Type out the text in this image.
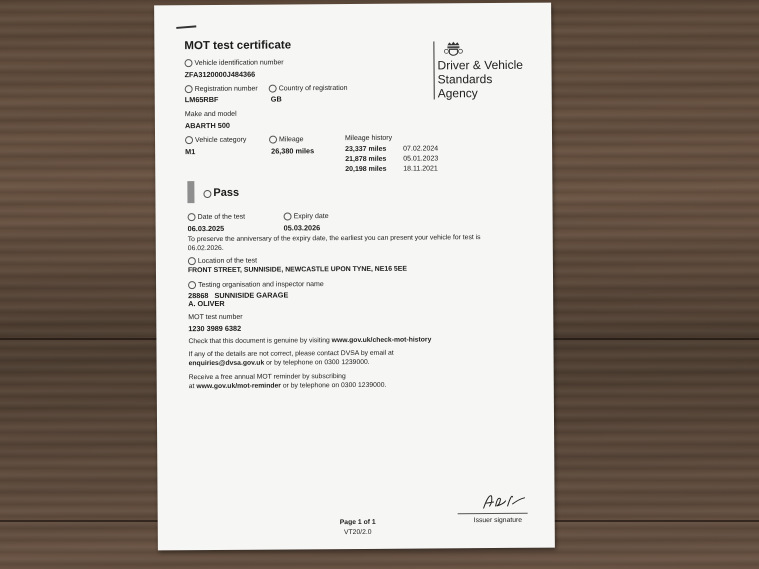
MOT test certificate
Vehicle identification number
ZFA3120000J484366
Registration number
LM65RBF
Country of registration
GB
Make and model
ABARTH 500
Vehicle category
M1
Mileage
26,380 miles
Mileage history
23,337 miles 07.02.2024
21,878 miles 05.01.2023
20,198 miles 18.11.2021
Pass
Date of the test
06.03.2025
Expiry date
05.03.2026
To preserve the anniversary of the expiry date, the earliest you can present your vehicle for test is
06.02.2026.
Location of the test
FRONT STREET, SUNNISIDE, NEWCASTLE UPON TYNE, NE16 5EE
Testing organisation and inspector name
28868   SUNNISIDE GARAGE
A. OLIVER
MOT test number
1230 3989 6382
Check that this document is genuine by visiting www.gov.uk/check-mot-history
If any of the details are not correct, please contact DVSA by email at
enquiries@dvsa.gov.uk or by telephone on 0300 1239000.
Receive a free annual MOT reminder by subscribing
at www.gov.uk/mot-reminder or by telephone on 0300 1239000.
Driver & Vehicle
Standards
Agency
Issuer signature
Page 1 of 1
VT20/2.0
